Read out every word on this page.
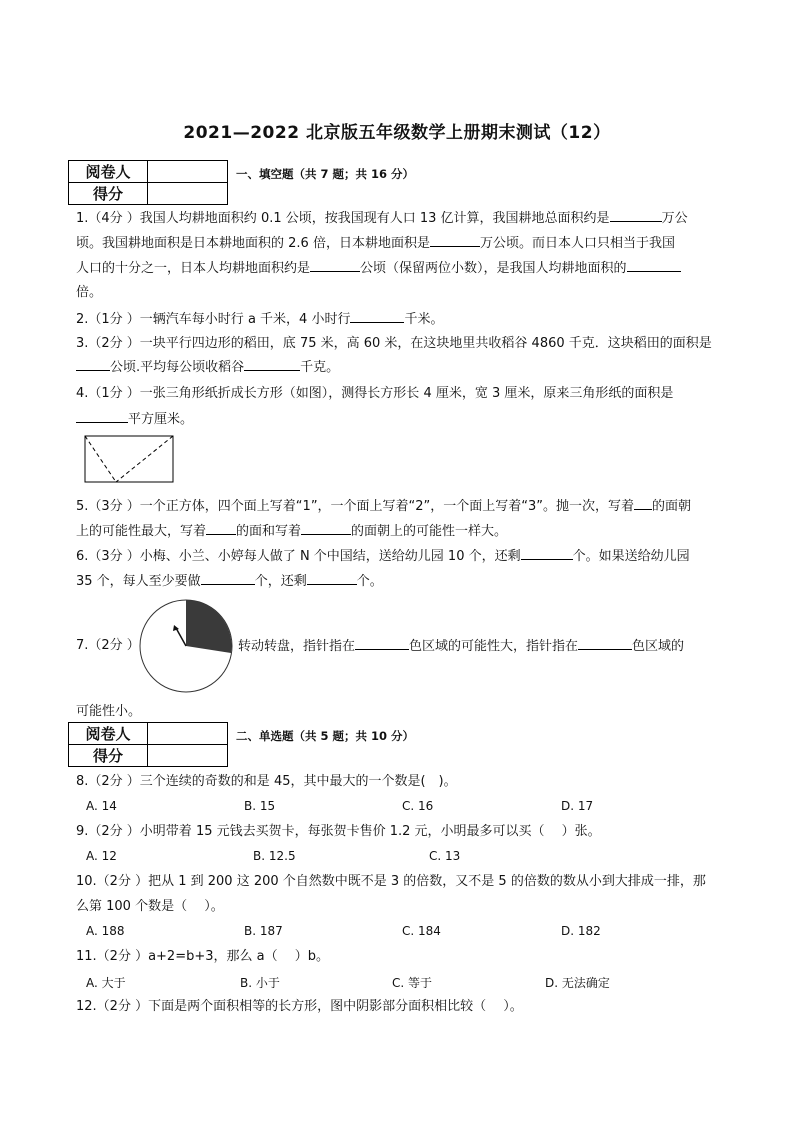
2021—2022 北京版五年级数学上册期末测试（12）
阅卷人	
得分	
一、填空题（共 7 题；共 16 分）
1.（4分 ）我国人均耕地面积约 0.1 公顷，按我国现有人口 13 亿计算，我国耕地总面积约是	万公
顷。我国耕地面积是日本耕地面积的 2.6 倍，日本耕地面积是	万公顷。而日本人口只相当于我国
人口的十分之一，日本人均耕地面积约是	公顷（保留两位小数），是我国人均耕地面积的
倍。
2.（1分 ）一辆汽车每小时行 a 千米，4 小时行	千米。
3.（2分 ）一块平行四边形的稻田，底 75 米，高 60 米，在这块地里共收稻谷 4860 千克．这块稻田的面积是
公顷.平均每公顷收稻谷	千克。
4.（1分 ）一张三角形纸折成长方形（如图），测得长方形长 4 厘米，宽 3 厘米，原来三角形纸的面积是
平方厘米。
5.（3分 ）一个正方体，四个面上写着“1”，一个面上写着“2”，一个面上写着“3”。抛一次，写着 的面朝
上的可能性最大，写着 的面和写着	的面朝上的可能性一样大。
6.（3分 ）小梅、小兰、小婷每人做了 N 个中国结，送给幼儿园 10 个，还剩	个。如果送给幼儿园
35 个，每人至少要做	个，还剩	个。
7.（2分 ）	转动转盘，指针指在	色区域的可能性大，指针指在	色区域的
可能性小。
阅卷人	
得分	
二、单选题（共 5 题；共 10 分）
8.（2分 ）三个连续的奇数的和是 45，其中最大的一个数是(　)。
A. 14	B. 15	C. 16	D. 17
9.（2分 ）小明带着 15 元钱去买贺卡，每张贺卡售价 1.2 元，小明最多可以买（　 ）张。
A. 12	B. 12.5	C. 13
10.（2分 ）把从 1 到 200 这 200 个自然数中既不是 3 的倍数，又不是 5 的倍数的数从小到大排成一排，那
么第 100 个数是（　 ）。
A. 188	B. 187	C. 184	D. 182
11.（2分 ）a+2=b+3，那么 a（　 ）b。
A. 大于	B. 小于	C. 等于	D. 无法确定
12.（2分 ）下面是两个面积相等的长方形，图中阴影部分面积相比较（　 ）。
